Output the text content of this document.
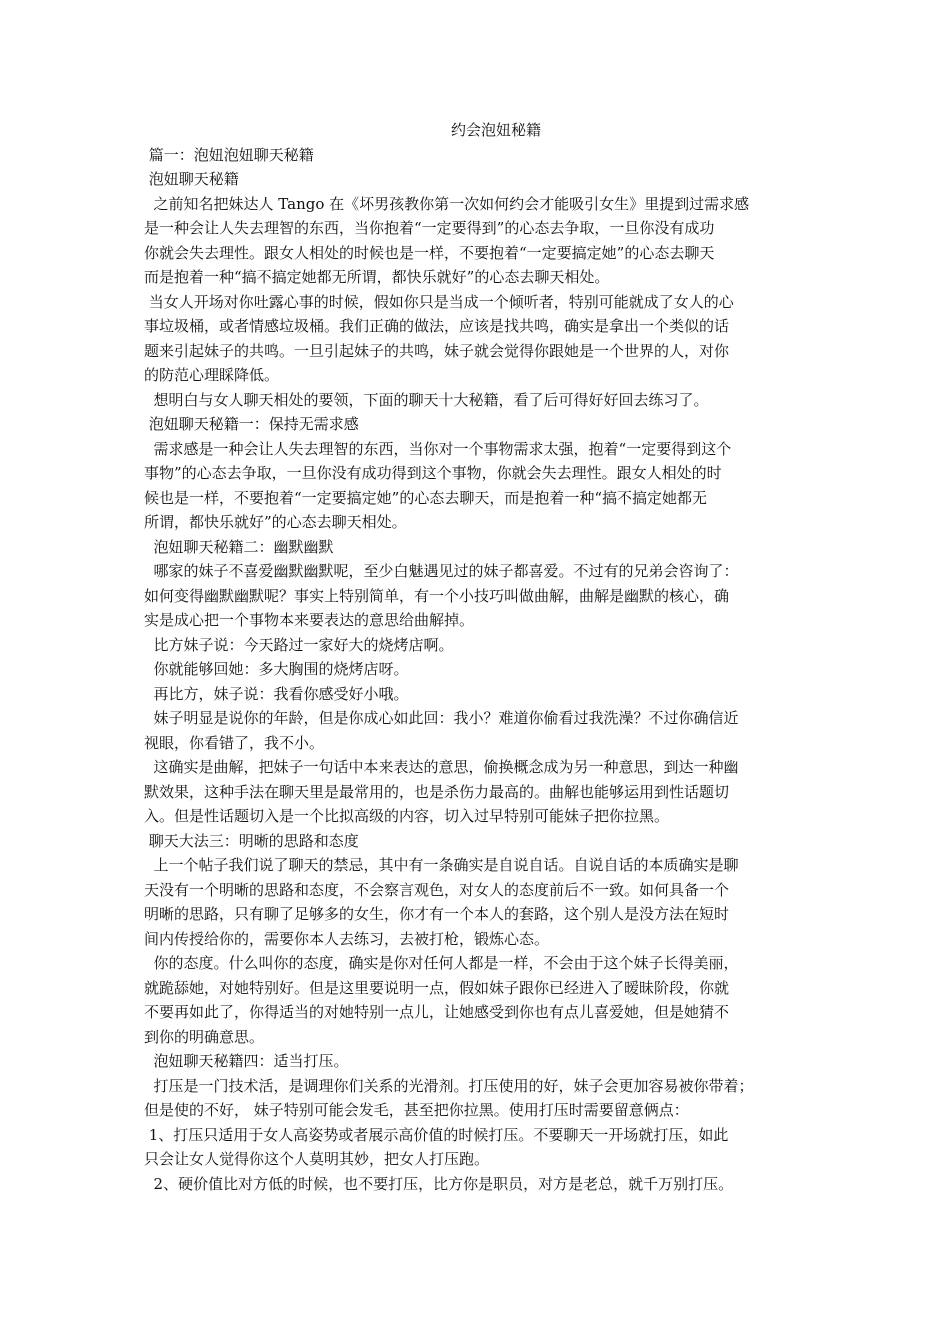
约会泡妞秘籍
篇一：泡妞泡妞聊天秘籍
泡妞聊天秘籍
之前知名把妹达人 Tango 在《坏男孩教你第一次如何约会才能吸引女生》里提到过需求感
是一种会让人失去理智的东西，当你抱着“一定要得到”的心态去争取，一旦你没有成功
你就会失去理性。跟女人相处的时候也是一样，不要抱着“一定要搞定她”的心态去聊天
而是抱着一种“搞不搞定她都无所谓，都快乐就好”的心态去聊天相处。
当女人开场对你吐露心事的时候，假如你只是当成一个倾听者，特别可能就成了女人的心
事垃圾桶，或者情感垃圾桶。我们正确的做法，应该是找共鸣，确实是拿出一个类似的话
题来引起妹子的共鸣。一旦引起妹子的共鸣，妹子就会觉得你跟她是一个世界的人，对你
的防范心理睬降低。
想明白与女人聊天相处的要领，下面的聊天十大秘籍，看了后可得好好回去练习了。
泡妞聊天秘籍一：保持无需求感
需求感是一种会让人失去理智的东西，当你对一个事物需求太强，抱着“一定要得到这个
事物”的心态去争取，一旦你没有成功得到这个事物，你就会失去理性。跟女人相处的时
候也是一样，不要抱着“一定要搞定她”的心态去聊天，而是抱着一种“搞不搞定她都无
所谓，都快乐就好”的心态去聊天相处。
泡妞聊天秘籍二：幽默幽默
哪家的妹子不喜爱幽默幽默呢，至少白魅遇见过的妹子都喜爱。不过有的兄弟会咨询了：
如何变得幽默幽默呢？事实上特别简单，有一个小技巧叫做曲解，曲解是幽默的核心，确
实是成心把一个事物本来要表达的意思给曲解掉。
比方妹子说：今天路过一家好大的烧烤店啊。
你就能够回她：多大胸围的烧烤店呀。
再比方，妹子说：我看你感受好小哦。
妹子明显是说你的年龄，但是你成心如此回：我小？难道你偷看过我洗澡？不过你确信近
视眼，你看错了，我不小。
这确实是曲解，把妹子一句话中本来表达的意思，偷换概念成为另一种意思，到达一种幽
默效果，这种手法在聊天里是最常用的，也是杀伤力最高的。曲解也能够运用到性话题切
入。但是性话题切入是一个比拟高级的内容，切入过早特别可能妹子把你拉黑。
聊天大法三：明晰的思路和态度
上一个帖子我们说了聊天的禁忌，其中有一条确实是自说自话。自说自话的本质确实是聊
天没有一个明晰的思路和态度，不会察言观色，对女人的态度前后不一致。如何具备一个
明晰的思路，只有聊了足够多的女生，你才有一个本人的套路，这个别人是没方法在短时
间内传授给你的，需要你本人去练习，去被打枪，锻炼心态。
你的态度。什么叫你的态度，确实是你对任何人都是一样，不会由于这个妹子长得美丽，
就跪舔她，对她特别好。但是这里要说明一点，假如妹子跟你已经进入了暧昧阶段，你就
不要再如此了，你得适当的对她特别一点儿，让她感受到你也有点儿喜爱她，但是她猜不
到你的明确意思。
泡妞聊天秘籍四：适当打压。
打压是一门技术活，是调理你们关系的光滑剂。打压使用的好，妹子会更加容易被你带着；
但是使的不好， 妹子特别可能会发毛，甚至把你拉黑。使用打压时需要留意俩点：
1、打压只适用于女人高姿势或者展示高价值的时候打压。不要聊天一开场就打压，如此
只会让女人觉得你这个人莫明其妙，把女人打压跑。
2、硬价值比对方低的时候，也不要打压，比方你是职员，对方是老总，就千万别打压。
